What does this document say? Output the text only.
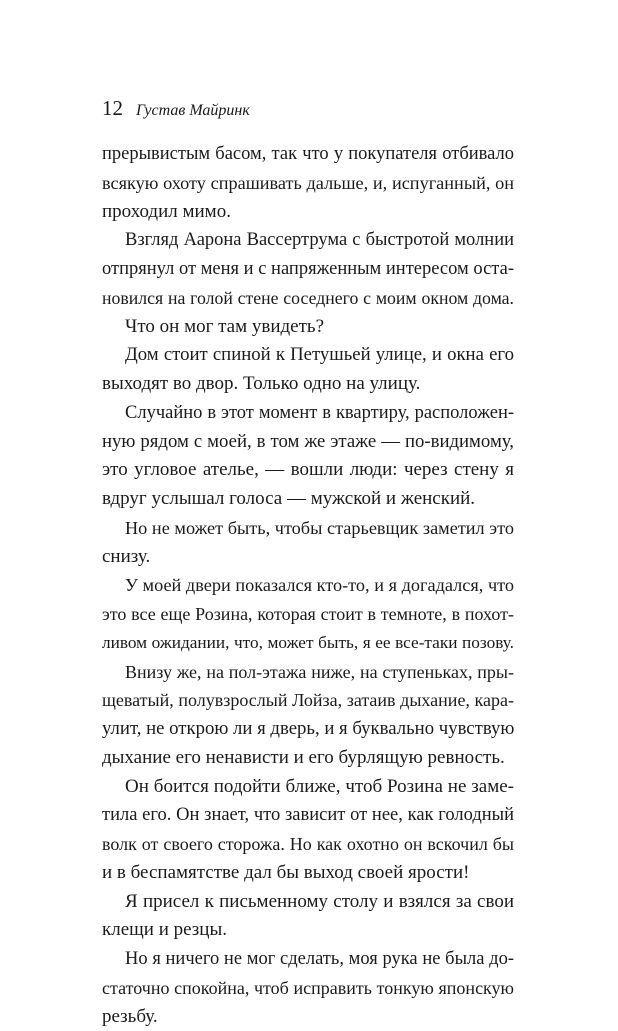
12 Густав Майринк
прерывистым басом, так что у покупателя отбивало
всякую охоту спрашивать дальше, и, испуганный, он
проходил мимо.
Взгляд Аарона Вассертрума с быстротой молнии
отпрянул от меня и с напряженным интересом оста-
новился на голой стене соседнего с моим окном дома.
Что он мог там увидеть?
Дом стоит спиной к Петушьей улице, и окна его
выходят во двор. Только одно на улицу.
Случайно в этот момент в квартиру, расположен-
ную рядом с моей, в том же этаже — по-видимому,
это угловое ателье, — вошли люди: через стену я
вдруг услышал голоса — мужской и женский.
Но не может быть, чтобы старьевщик заметил это
снизу.
У моей двери показался кто-то, и я догадался, что
это все еще Розина, которая стоит в темноте, в похот-
ливом ожидании, что, может быть, я ее все-таки позову.
Внизу же, на пол-этажа ниже, на ступеньках, пры-
щеватый, полувзрослый Лойза, затаив дыхание, кара-
улит, не открою ли я дверь, и я буквально чувствую
дыхание его ненависти и его бурлящую ревность.
Он боится подойти ближе, чтоб Розина не заме-
тила его. Он знает, что зависит от нее, как голодный
волк от своего сторожа. Но как охотно он вскочил бы
и в беспамятстве дал бы выход своей ярости!
Я присел к письменному столу и взялся за свои
клещи и резцы.
Но я ничего не мог сделать, моя рука не была до-
статочно спокойна, чтоб исправить тонкую японскую
резьбу.
